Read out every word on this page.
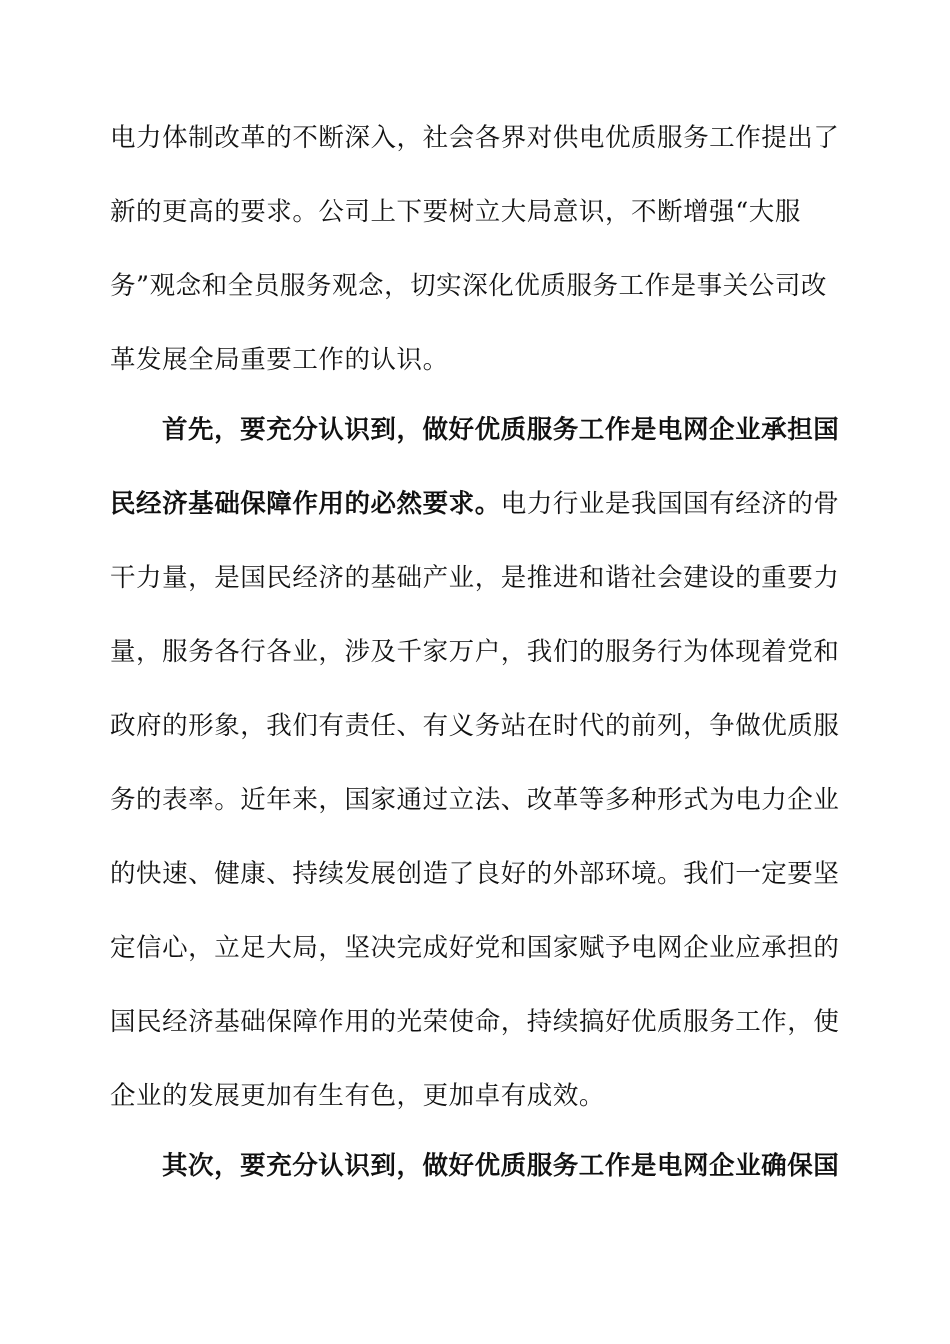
电力体制改革的不断深入，社会各界对供电优质服务工作提出了
新的更高的要求。公司上下要树立大局意识，不断增强“大服
务”观念和全员服务观念，切实深化优质服务工作是事关公司改
革发展全局重要工作的认识。
首先，要充分认识到，做好优质服务工作是电网企业承担国
民经济基础保障作用的必然要求。电力行业是我国国有经济的骨
干力量，是国民经济的基础产业，是推进和谐社会建设的重要力
量，服务各行各业，涉及千家万户，我们的服务行为体现着党和
政府的形象，我们有责任、有义务站在时代的前列，争做优质服
务的表率。近年来，国家通过立法、改革等多种形式为电力企业
的快速、健康、持续发展创造了良好的外部环境。我们一定要坚
定信心，立足大局，坚决完成好党和国家赋予电网企业应承担的
国民经济基础保障作用的光荣使命，持续搞好优质服务工作，使
企业的发展更加有生有色，更加卓有成效。
其次，要充分认识到，做好优质服务工作是电网企业确保国
